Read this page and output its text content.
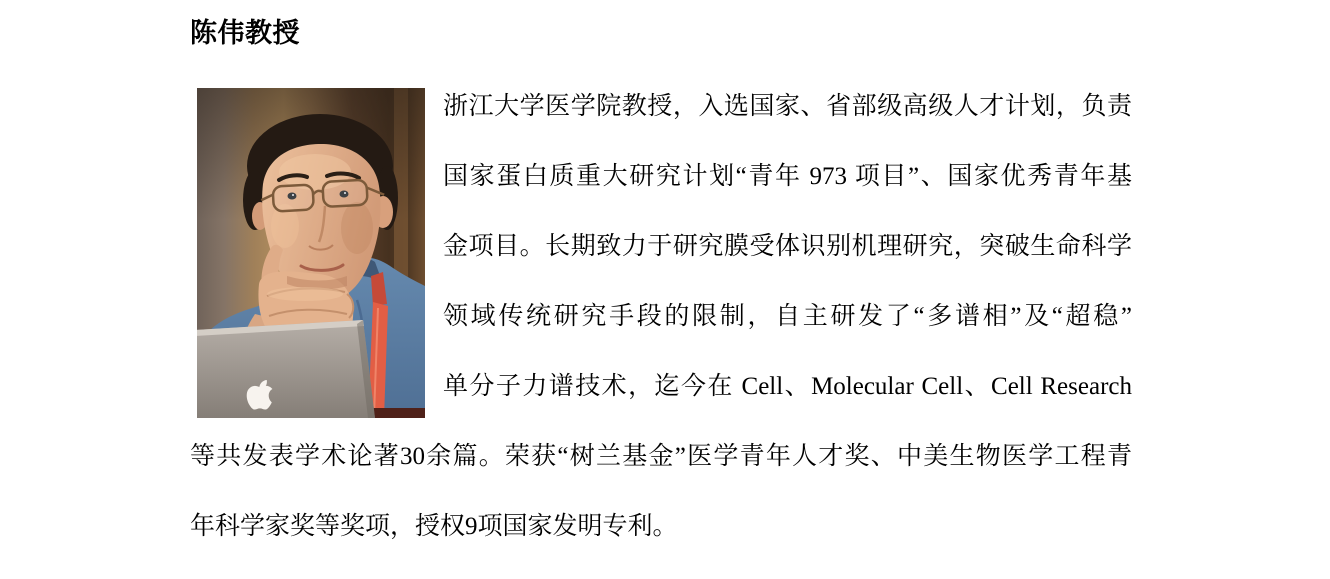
陈伟教授
浙江大学医学院教授，入选国家、省部级高级人才计划，负责
国家蛋白质重大研究计划“青年 973 项目”、国家优秀青年基
金项目。长期致力于研究膜受体识别机理研究，突破生命科学
领域传统研究手段的限制，自主研发了“多谱相”及“超稳”
单分子力谱技术，迄今在 Cell、Molecular Cell、Cell Research
等共发表学术论著30余篇。荣获“树兰基金”医学青年人才奖、中美生物医学工程青
年科学家奖等奖项，授权9项国家发明专利。
